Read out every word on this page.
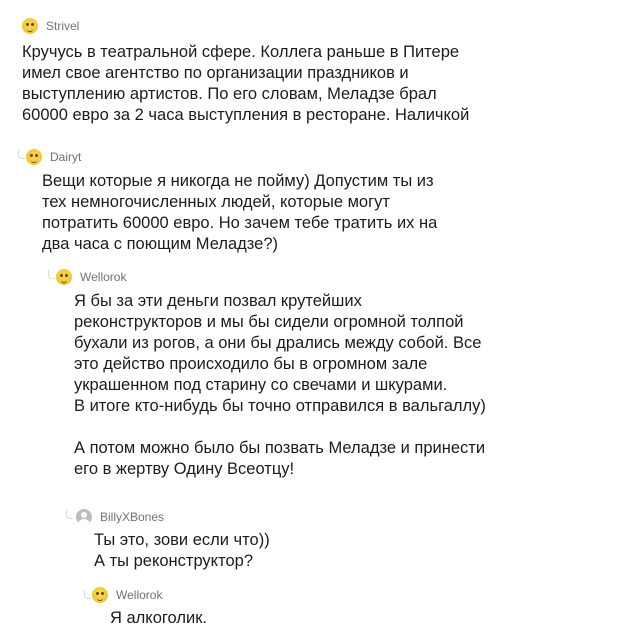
Strivel

Кручусь в театральной сфере. Коллега раньше в Питере

имел свое агентство по организации праздников и

выступлению артистов. По его словам, Меладзе брал

60000 евро за 2 часа выступления в ресторане. Наличкой

Dairyt

Вещи которые я никогда не пойму) Допустим ты из

тех немногочисленных людей, которые могут

потратить 60000 евро. Но зачем тебе тратить их на

два часа с поющим Меладзе?)

Wellorok

Я бы за эти деньги позвал крутейших

реконструкторов и мы бы сидели огромной толпой

бухали из рогов, а они бы дрались между собой. Все

это действо происходило бы в огромном зале

украшенном под старину со свечами и шкурами.

В итоге кто-нибудь бы точно отправился в вальгаллу)

А потом можно было бы позвать Меладзе и принести

его в жертву Одину Всеотцу!

BillyXBones

Ты это, зови если что))

А ты реконструктор?

Wellorok

Я алкоголик.
